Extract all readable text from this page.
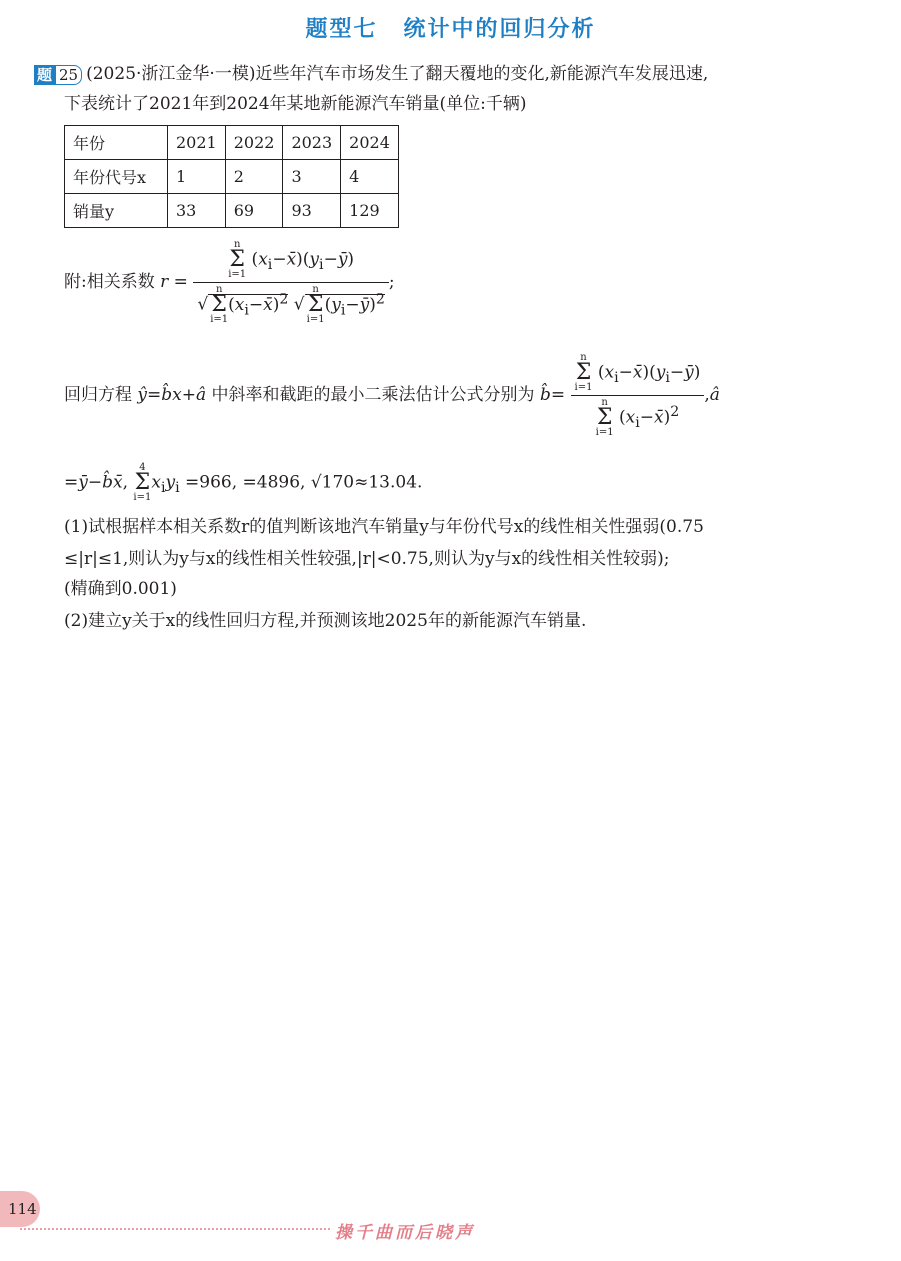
题型七 统计中的回归分析
题 25 (2025·浙江金华·一模)近些年汽车市场发生了翻天覆地的变化,新能源汽车发展迅速,
下表统计了2021年到2024年某地新能源汽车销量(单位:千辆)
年份	2021	2022	2023	2024
年份代号x	1	2	3	4
销量y	33	69	93	129
附:相关系数 r = n
Σ
i=1 $(x_i-x̄)(y_i-ȳ)$
√n
Σ
$i=1(x_i-x̄)^2$ √n
Σ
$i=1(y_i-ȳ)^2$ ;
回归方程 ŷ=b̂x+â 中斜率和截距的最小二乘法估计公式分别为 b̂= n
Σ
i=1 $(x_i-x̄)(y_i-ȳ)$
n
Σ
i=1 $(x_i-x̄)^2$ ,â
=ȳ−b̂x̄, 4
Σ
$i=1x_iy_i =966$, =4896, √170≈13.04.
(1)试根据样本相关系数r的值判断该地汽车销量y与年份代号x的线性相关性强弱(0.75
≤|r|≤1,则认为y与x的线性相关性较强,|r|<0.75,则认为y与x的线性相关性较弱);
(精确到0.001)
(2)建立y关于x的线性回归方程,并预测该地2025年的新能源汽车销量.
114
操千曲而后晓声
